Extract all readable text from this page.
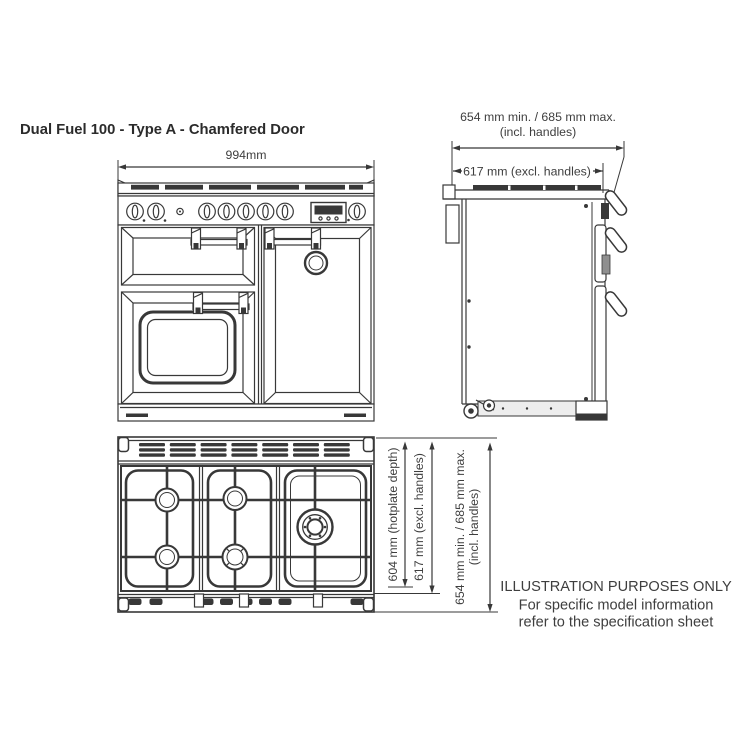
Dual Fuel 100 - Type A - Chamfered Door
994mm
654 mm min. / 685 mm max.
(incl. handles)
617 mm (excl. handles)
604 mm (hotplate depth) 617 mm (excl. handles) 654 mm min. / 685 mm max. (incl. handles)
ILLUSTRATION PURPOSES ONLY
For specific model information
refer to the specification sheet
